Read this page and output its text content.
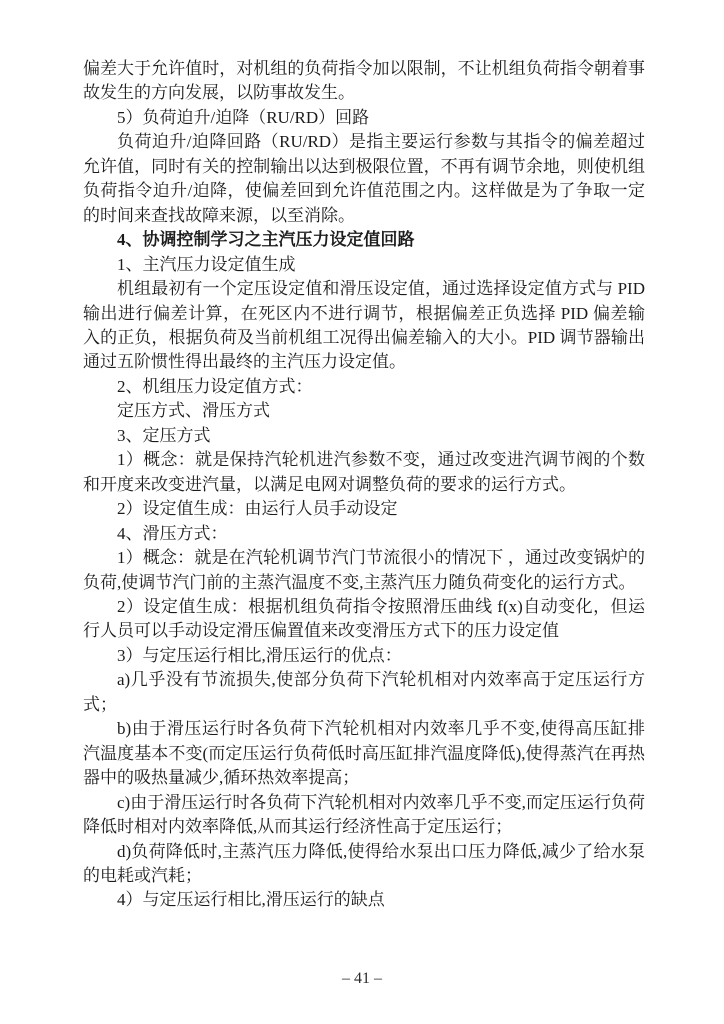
偏差大于允许值时，对机组的负荷指令加以限制，不让机组负荷指令朝着事故发生的方向发展，以防事故发生。

5）负荷迫升/迫降（RU/RD）回路

负荷迫升/迫降回路（RU/RD）是指主要运行参数与其指令的偏差超过允许值，同时有关的控制输出以达到极限位置，不再有调节余地，则使机组负荷指令迫升/迫降，使偏差回到允许值范围之内。这样做是为了争取一定的时间来查找故障来源，以至消除。

4、协调控制学习之主汽压力设定值回路

1、主汽压力设定值生成

机组最初有一个定压设定值和滑压设定值，通过选择设定值方式与 PID 输出进行偏差计算，在死区内不进行调节，根据偏差正负选择 PID 偏差输入的正负，根据负荷及当前机组工况得出偏差输入的大小。PID 调节器输出通过五阶惯性得出最终的主汽压力设定值。

2、机组压力设定值方式：

定压方式、滑压方式

3、定压方式

1）概念：就是保持汽轮机进汽参数不变，通过改变进汽调节阀的个数和开度来改变进汽量，以满足电网对调整负荷的要求的运行方式。

2）设定值生成：由运行人员手动设定

4、滑压方式：

1）概念：就是在汽轮机调节汽门节流很小的情况下 ，通过改变锅炉的负荷,使调节汽门前的主蒸汽温度不变,主蒸汽压力随负荷变化的运行方式。

2）设定值生成：根据机组负荷指令按照滑压曲线 f(x)自动变化，但运行人员可以手动设定滑压偏置值来改变滑压方式下的压力设定值

3）与定压运行相比,滑压运行的优点：

a)几乎没有节流损失,使部分负荷下汽轮机相对内效率高于定压运行方式；

b)由于滑压运行时各负荷下汽轮机相对内效率几乎不变,使得高压缸排汽温度基本不变(而定压运行负荷低时高压缸排汽温度降低),使得蒸汽在再热器中的吸热量减少,循环热效率提高；

c)由于滑压运行时各负荷下汽轮机相对内效率几乎不变,而定压运行负荷降低时相对内效率降低,从而其运行经济性高于定压运行；

d)负荷降低时,主蒸汽压力降低,使得给水泵出口压力降低,减少了给水泵的电耗或汽耗；

4）与定压运行相比,滑压运行的缺点

– 41 –
